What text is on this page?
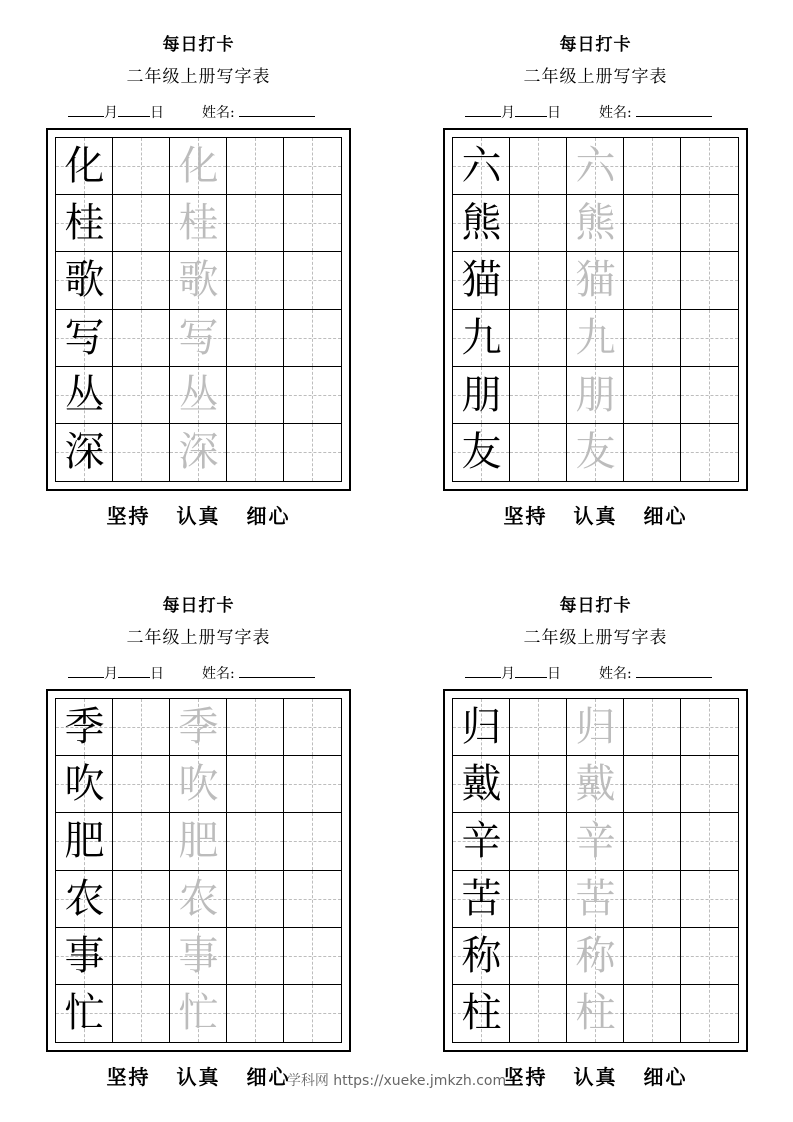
每日打卡
二年级上册写字表
月 日	姓名:
化 化
桂 桂
歌 歌
写 写
丛 丛
深 深
坚持 认真 细心
每日打卡
二年级上册写字表
月 日	姓名:
六 六
熊 熊
猫 猫
九 九
朋 朋
友 友
坚持 认真 细心
每日打卡
二年级上册写字表
月 日	姓名:
季 季
吹 吹
肥 肥
农 农
事 事
忙 忙
坚持 认真 细心
每日打卡
二年级上册写字表
月 日	姓名:
归 归
戴 戴
辛 辛
苦 苦
称 称
柱 柱
坚持 认真 细心
学科网 https://xueke.jmkzh.com
